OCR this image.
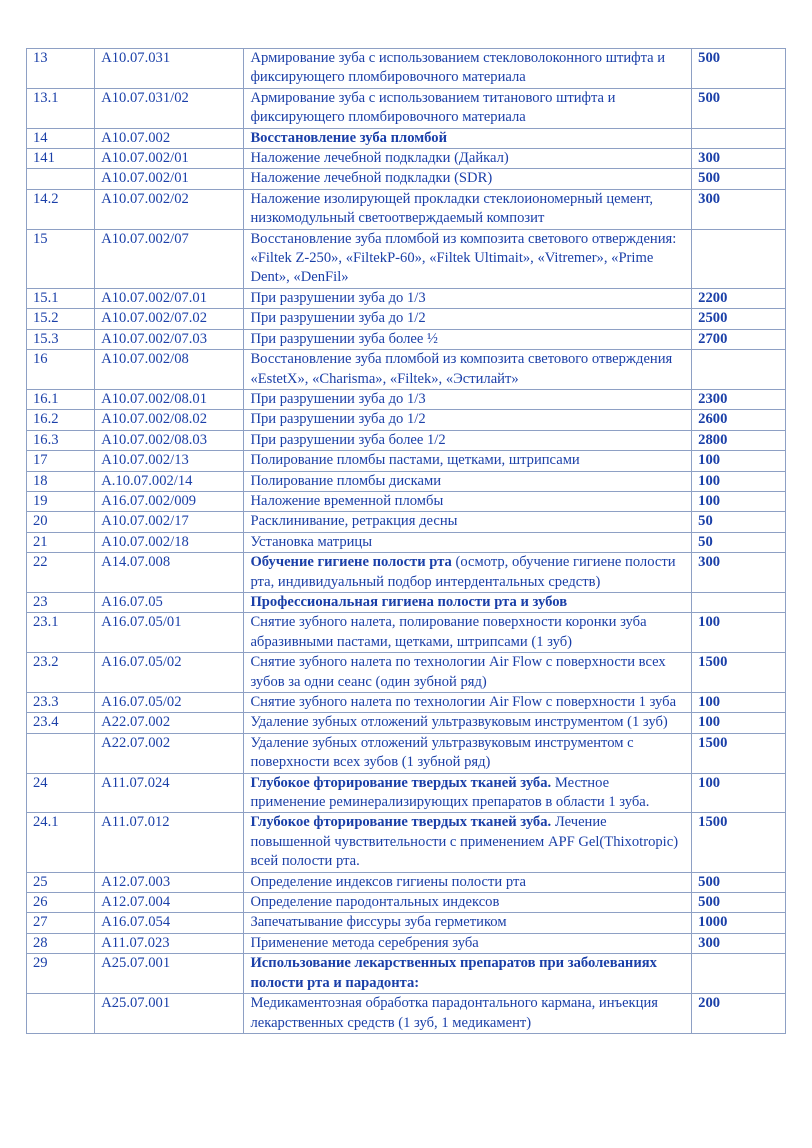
13	A10.07.031	Армирование зуба с использованием стекловолоконного штифта и фиксирующего пломбировочного материала	500
13.1	A10.07.031/02	Армирование зуба с использованием титанового штифта и фиксирующего пломбировочного материала	500
14	A10.07.002	Восстановление зуба пломбой	
141	A10.07.002/01	Наложение лечебной подкладки (Дайкал)	300
	A10.07.002/01	Наложение лечебной подкладки (SDR)	500
14.2	A10.07.002/02	Наложение изолирующей прокладки стеклоиономерный цемент, низкомодульный светоотверждаемый композит	300
15	A10.07.002/07	Восстановление зуба пломбой из композита светового отверждения: «Filtek Z-250», «FiltekP-60», «Filtek Ultimait», «Vitremer», «Prime Dent», «DenFil»	
15.1	A10.07.002/07.01	При разрушении зуба до 1/3	2200
15.2	A10.07.002/07.02	При разрушении зуба до 1/2	2500
15.3	A10.07.002/07.03	При разрушении зуба более ½	2700
16	A10.07.002/08	Восстановление зуба пломбой из композита светового отверждения «EstetX», «Charisma», «Filtek», «Эстилайт»	
16.1	A10.07.002/08.01	При разрушении зуба до 1/3	2300
16.2	A10.07.002/08.02	При разрушении зуба до 1/2	2600
16.3	A10.07.002/08.03	При разрушении зуба более 1/2	2800
17	A10.07.002/13	Полирование пломбы пастами, щетками, штрипсами	100
18	A.10.07.002/14	Полирование пломбы дисками	100
19	A16.07.002/009	Наложение временной пломбы	100
20	A10.07.002/17	Расклинивание, ретракция десны	50
21	A10.07.002/18	Установка матрицы	50
22	A14.07.008	Обучение гигиене полости рта (осмотр, обучение гигиене полости рта, индивидуальный подбор интердентальных средств)	300
23	A16.07.05	Профессиональная гигиена полости рта и зубов	
23.1	A16.07.05/01	Снятие зубного налета, полирование поверхности коронки зуба абразивными пастами, щетками, штрипсами (1 зуб)	100
23.2	A16.07.05/02	Снятие зубного налета по технологии Air Flow с поверхности всех зубов за одни сеанс (один зубной ряд)	1500
23.3	A16.07.05/02	Снятие зубного налета по технологии Air Flow с поверхности 1 зуба	100
23.4	A22.07.002	Удаление зубных отложений ультразвуковым инструментом (1 зуб)	100
	A22.07.002	Удаление зубных отложений ультразвуковым инструментом с поверхности всех зубов (1 зубной ряд)	1500
24	A11.07.024	Глубокое фторирование твердых тканей зуба. Местное применение реминерализирующих препаратов в области 1 зуба.	100
24.1	A11.07.012	Глубокое фторирование твердых тканей зуба. Лечение повышенной чувствительности с применением APF Gel(Thixotropic) всей полости рта.	1500
25	A12.07.003	Определение индексов гигиены полости рта	500
26	A12.07.004	Определение пародонтальных индексов	500
27	A16.07.054	Запечатывание фиссуры зуба герметиком	1000
28	A11.07.023	Применение метода серебрения зуба	300
29	A25.07.001	Использование лекарственных препаратов при заболеваниях полости рта и парадонта:	
	A25.07.001	Медикаментозная обработка парадонтального кармана, инъекция лекарственных средств (1 зуб, 1 медикамент)	200
